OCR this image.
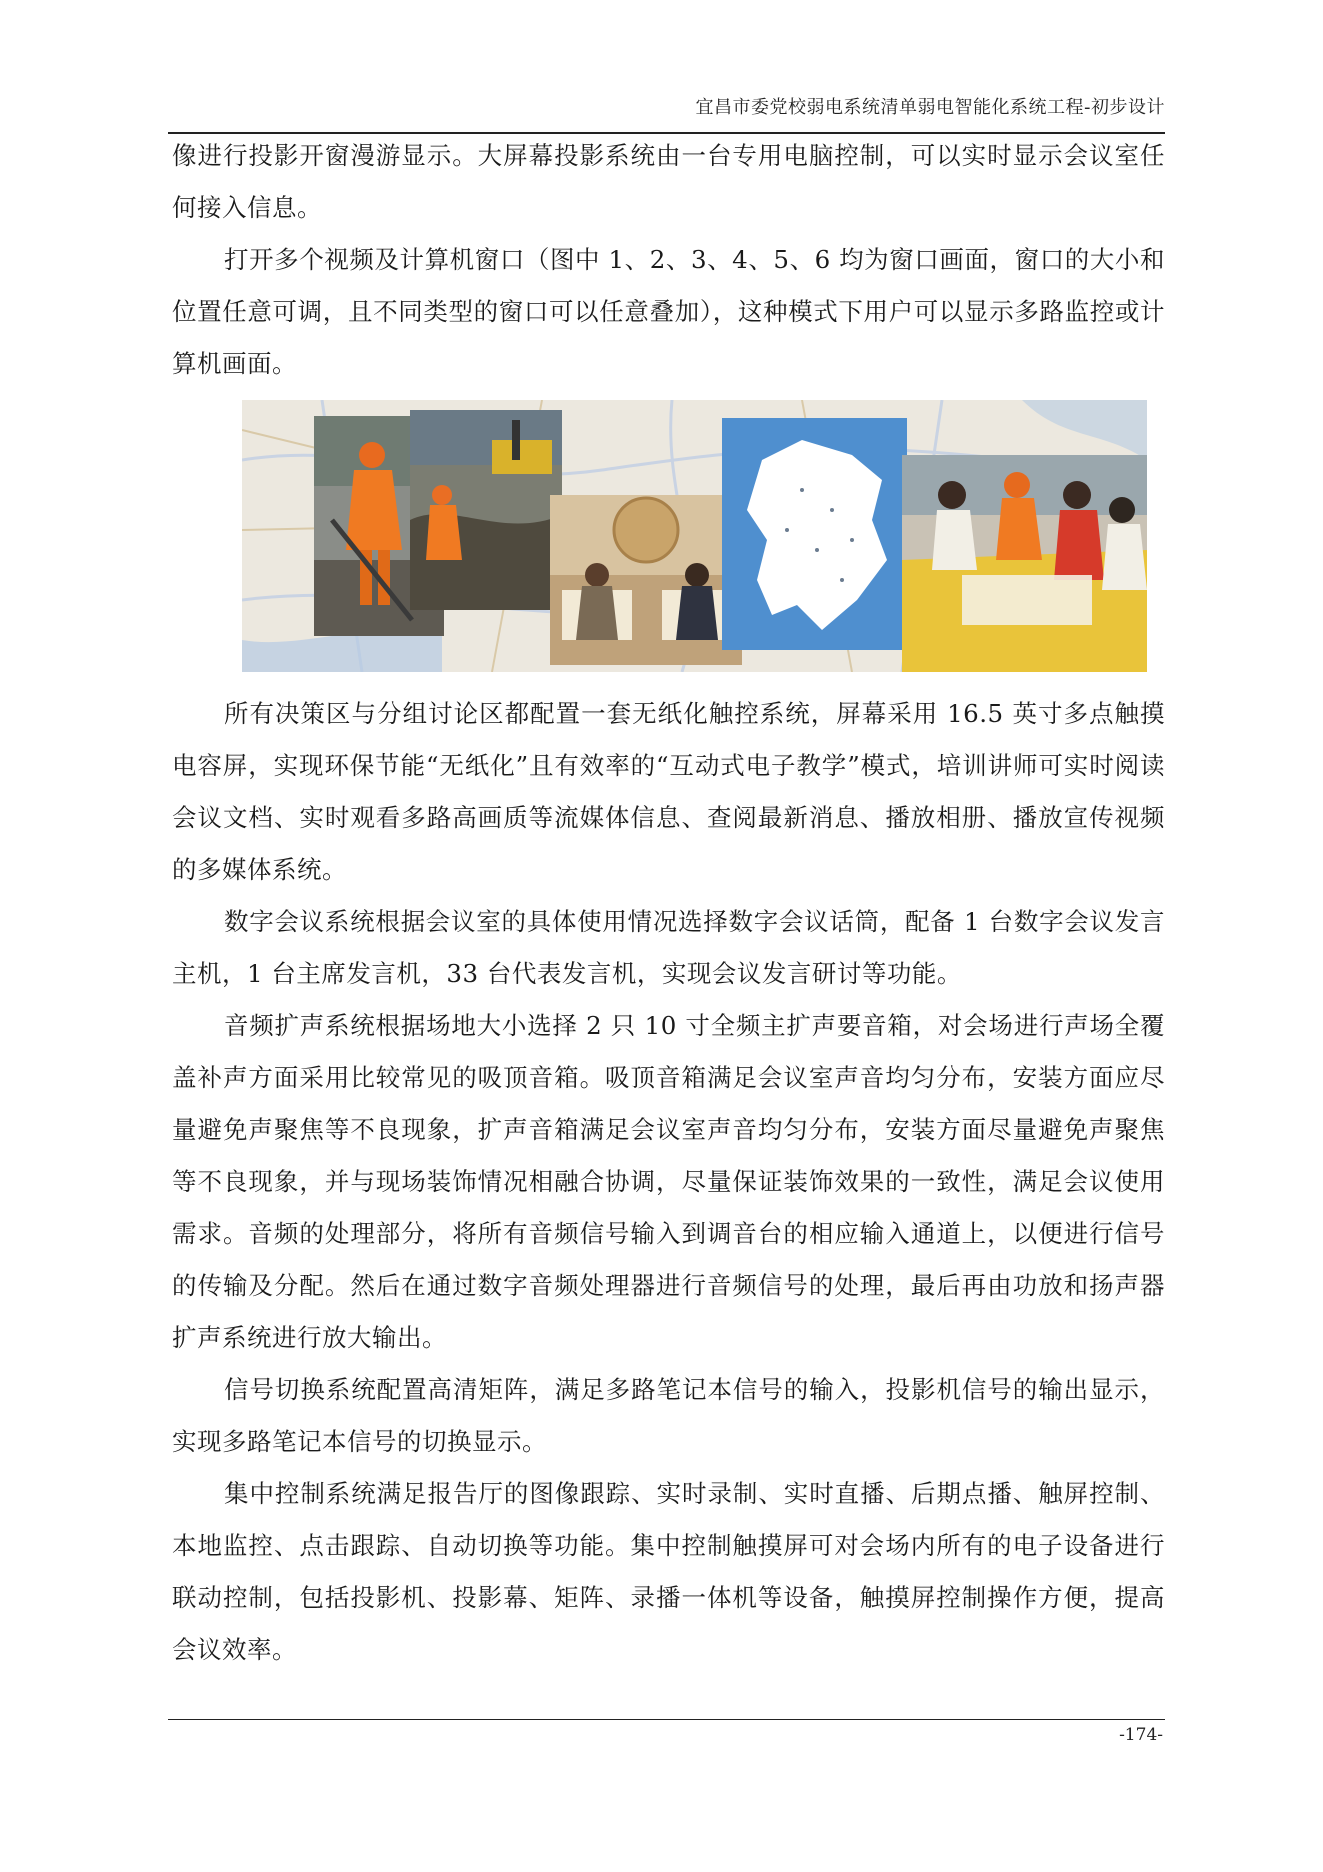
宜昌市委党校弱电系统清单弱电智能化系统工程-初步设计

像进行投影开窗漫游显示。大屏幕投影系统由一台专用电脑控制，可以实时显示会议室任何接入信息。

打开多个视频及计算机窗口（图中 1、2、3、4、5、6 均为窗口画面，窗口的大小和位置任意可调，且不同类型的窗口可以任意叠加），这种模式下用户可以显示多路监控或计算机画面。

所有决策区与分组讨论区都配置一套无纸化触控系统，屏幕采用 16.5 英寸多点触摸电容屏，实现环保节能“无纸化”且有效率的“互动式电子教学”模式，培训讲师可实时阅读会议文档、实时观看多路高画质等流媒体信息、查阅最新消息、播放相册、播放宣传视频的多媒体系统。

数字会议系统根据会议室的具体使用情况选择数字会议话筒，配备 1 台数字会议发言主机，1 台主席发言机，33 台代表发言机，实现会议发言研讨等功能。

音频扩声系统根据场地大小选择 2 只 10 寸全频主扩声要音箱，对会场进行声场全覆盖补声方面采用比较常见的吸顶音箱。吸顶音箱满足会议室声音均匀分布，安装方面应尽量避免声聚焦等不良现象，扩声音箱满足会议室声音均匀分布，安装方面尽量避免声聚焦等不良现象，并与现场装饰情况相融合协调，尽量保证装饰效果的一致性，满足会议使用需求。音频的处理部分，将所有音频信号输入到调音台的相应输入通道上，以便进行信号的传输及分配。然后在通过数字音频处理器进行音频信号的处理，最后再由功放和扬声器扩声系统进行放大输出。

信号切换系统配置高清矩阵，满足多路笔记本信号的输入，投影机信号的输出显示，实现多路笔记本信号的切换显示。

集中控制系统满足报告厅的图像跟踪、实时录制、实时直播、后期点播、触屏控制、本地监控、点击跟踪、自动切换等功能。集中控制触摸屏可对会场内所有的电子设备进行联动控制，包括投影机、投影幕、矩阵、录播一体机等设备，触摸屏控制操作方便，提高会议效率。

-174-
